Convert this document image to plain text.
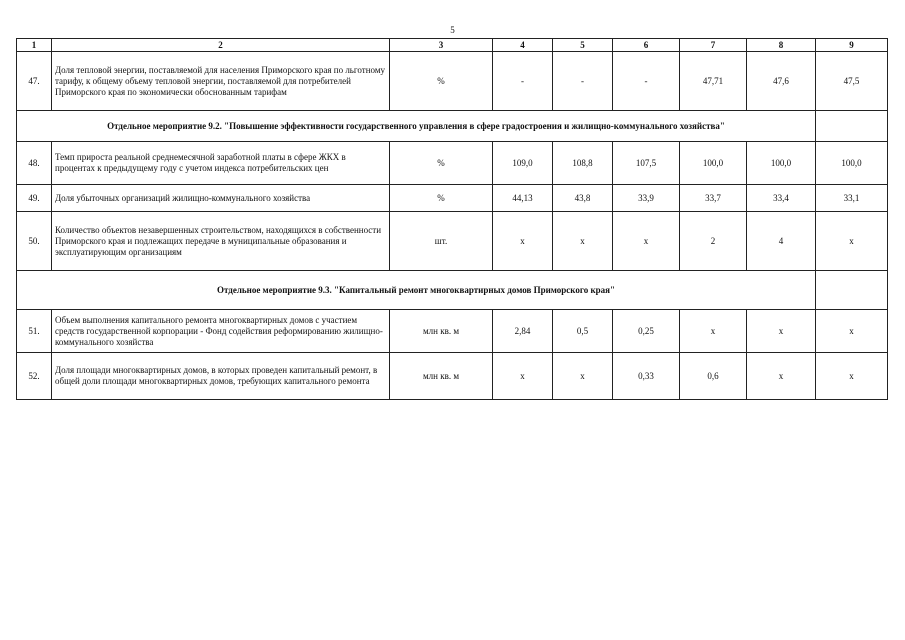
5
1	2	3	4	5	6	7	8	9
47.	Доля тепловой энергии, поставляемой для населения Приморского края по льготному тарифу, к общему объему тепловой энергии, поставляемой для потребителей Приморского края по экономически обоснованным тарифам	%	-	-	-	47,71	47,6	47,5
Отдельное мероприятие 9.2. "Повышение эффективности государственного управления в сфере градостроения и жилищно-коммунального хозяйства"								
48.	Темп прироста реальной среднемесячной заработной платы в сфере ЖКХ в процентах к предыдущему году с учетом индекса потребительских цен	%	109,0	108,8	107,5	100,0	100,0	100,0
49.	Доля убыточных организаций жилищно-коммунального хозяйства	%	44,13	43,8	33,9	33,7	33,4	33,1
50.	Количество объектов незавершенных строительством, находящихся в собственности Приморского края и подлежащих передаче в муниципальные образования и эксплуатирующим организациям	шт.	x	x	x	2	4	x
Отдельное мероприятие 9.3. "Капитальный ремонт многоквартирных домов Приморского края"								
51.	Объем выполнения капитального ремонта многоквартирных домов с участием средств государственной корпорации - Фонд содействия реформированию жилищно-коммунального хозяйства	млн кв. м	2,84	0,5	0,25	x	x	x
52.	Доля площади многоквартирных домов, в которых проведен капитальный ремонт, в общей доли площади многоквартирных домов, требующих капитального ремонта	млн кв. м	x	x	0,33	0,6	x	x
